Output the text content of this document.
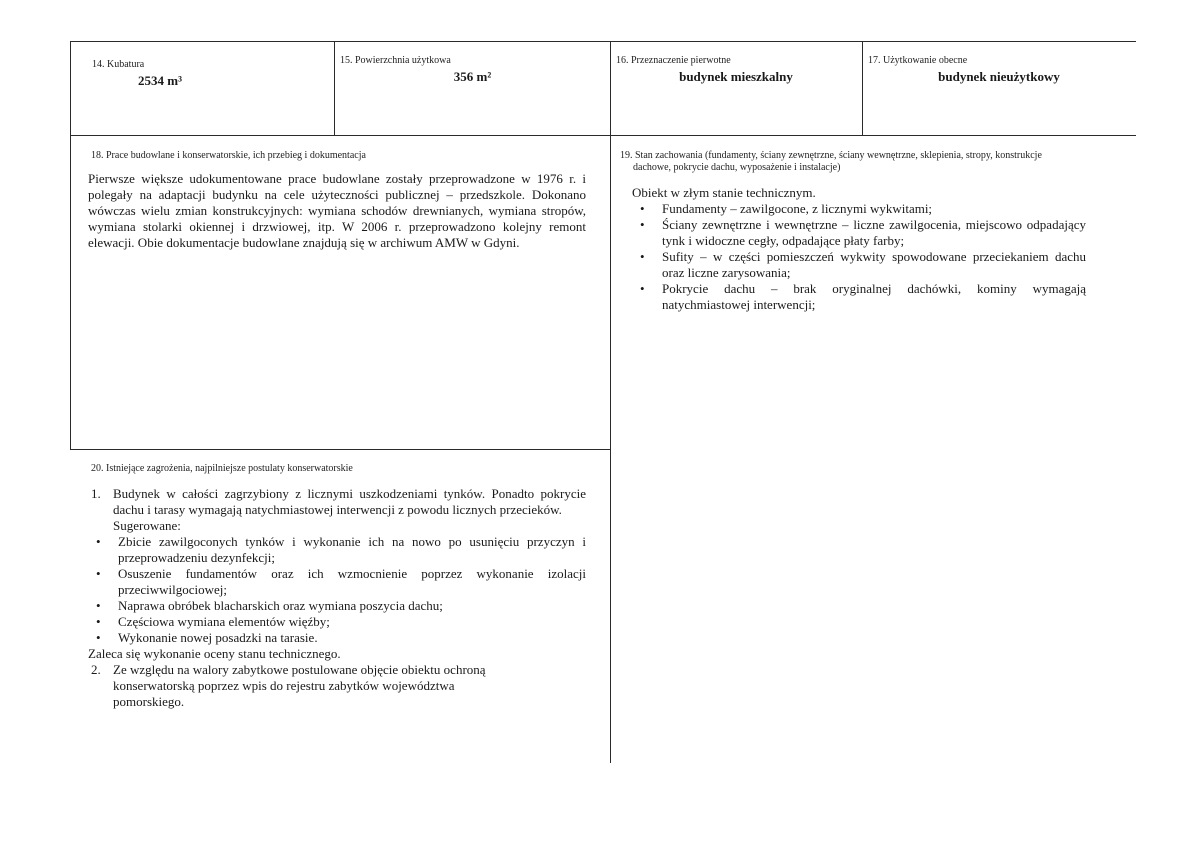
14. Kubatura
2534 m³
15. Powierzchnia użytkowa
356 m²
16. Przeznaczenie pierwotne
budynek mieszkalny
17. Użytkowanie obecne
budynek nieużytkowy
18. Prace budowlane i konserwatorskie, ich przebieg i dokumentacja
Pierwsze większe udokumentowane prace budowlane zostały przeprowadzone w 1976 r. i polegały na adaptacji budynku na cele użyteczności publicznej – przedszkole. Dokonano wówczas wielu zmian konstrukcyjnych: wymiana schodów drewnianych, wymiana stropów, wymiana stolarki okiennej i drzwiowej, itp. W 2006 r. przeprowadzono kolejny remont elewacji. Obie dokumentacje budowlane znajdują się w archiwum AMW w Gdyni.
19. Stan zachowania (fundamenty, ściany zewnętrzne, ściany wewnętrzne, sklepienia, stropy, konstrukcje
dachowe, pokrycie dachu, wyposażenie i instalacje)
Obiekt w złym stanie technicznym.
• Fundamenty – zawilgocone, z licznymi wykwitami;
• Ściany zewnętrzne i wewnętrzne – liczne zawilgocenia, miejscowo odpadający tynk i widoczne cegły, odpadające płaty farby;
• Sufity – w części pomieszczeń wykwity spowodowane przeciekaniem dachu oraz liczne zarysowania;
• Pokrycie dachu – brak oryginalnej dachówki, kominy wymagają natychmiastowej interwencji;
20. Istniejące zagrożenia, najpilniejsze postulaty konserwatorskie
1. Budynek w całości zagrzybiony z licznymi uszkodzeniami tynków. Ponadto pokrycie dachu i tarasy wymagają natychmiastowej interwencji z powodu licznych przecieków.
Sugerowane:
• Zbicie zawilgoconych tynków i wykonanie ich na nowo po usunięciu przyczyn i przeprowadzeniu dezynfekcji;
• Osuszenie fundamentów oraz ich wzmocnienie poprzez wykonanie izolacji przeciwwilgociowej;
• Naprawa obróbek blacharskich oraz wymiana poszycia dachu;
• Częściowa wymiana elementów więźby;
• Wykonanie nowej posadzki na tarasie.
Zaleca się wykonanie oceny stanu technicznego.
2. Ze względu na walory zabytkowe postulowane objęcie obiektu ochroną
konserwatorską poprzez wpis do rejestru zabytków województwa
pomorskiego.
